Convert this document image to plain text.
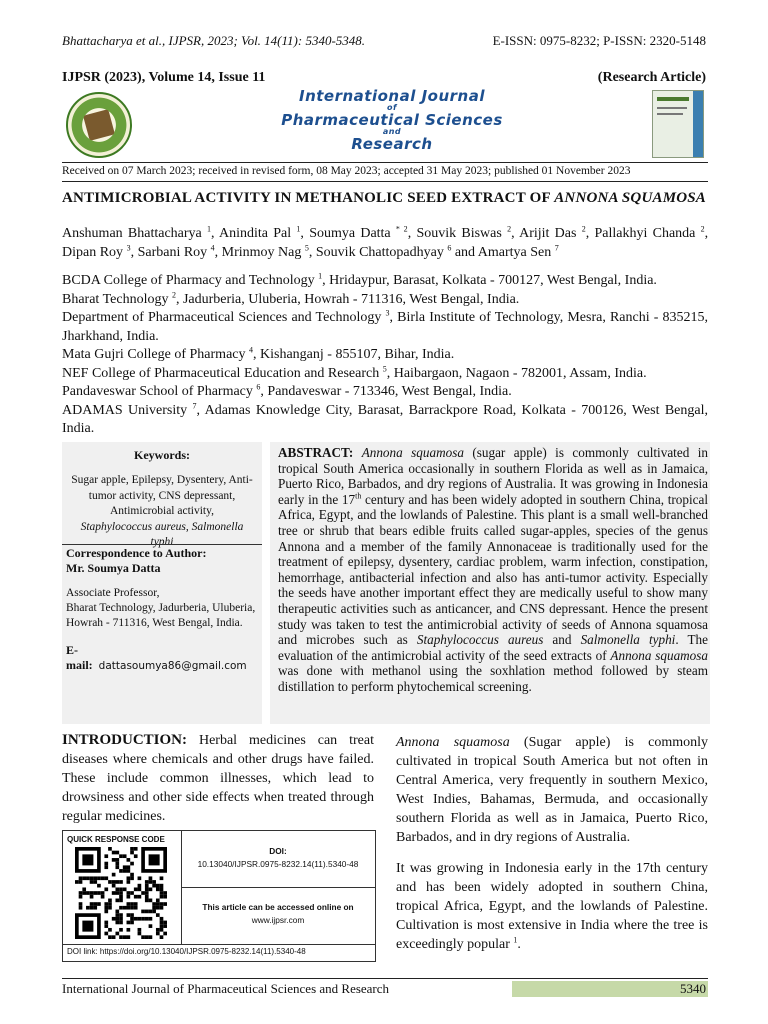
Bhattacharya et al., IJPSR, 2023; Vol. 14(11): 5340-5348.	E-ISSN: 0975-8232; P-ISSN: 2320-5148
IJPSR (2023), Volume 14, Issue 11	(Research Article)
International Journal
of
Pharmaceutical Sciences
and
Research
Received on 07 March 2023; received in revised form, 08 May 2023; accepted 31 May 2023; published 01 November 2023
ANTIMICROBIAL ACTIVITY IN METHANOLIC SEED EXTRACT OF ANNONA SQUAMOSA
Anshuman Bhattacharya $^1$, Anindita Pal $^1$, Soumya Datta $^{* 2}$, Souvik Biswas $^2$, Arijit Das $^2$, Pallakhyi Chanda $^2$, Dipan Roy $^3$, Sarbani Roy $^4$, Mrinmoy Nag $^5$, Souvik Chattopadhyay $^6$ and Amartya Sen $^7$
BCDA College of Pharmacy and Technology $^1$, Hridaypur, Barasat, Kolkata - 700127, West Bengal, India.
Bharat Technology $^2$, Jadurberia, Uluberia, Howrah - 711316, West Bengal, India.
Department of Pharmaceutical Sciences and Technology $^3$, Birla Institute of Technology, Mesra, Ranchi - 835215, Jharkhand, India.
Mata Gujri College of Pharmacy $^4$, Kishanganj - 855107, Bihar, India.
NEF College of Pharmaceutical Education and Research $^5$, Haibargaon, Nagaon - 782001, Assam, India.
Pandaveswar School of Pharmacy $^6$, Pandaveswar - 713346, West Bengal, India.
ADAMAS University $^7$, Adamas Knowledge City, Barasat, Barrackpore Road, Kolkata - 700126, West Bengal, India.
Keywords:
Sugar apple, Epilepsy, Dysentery, Anti-tumor activity, CNS depressant, Antimicrobial activity,
Staphylococcus aureus, Salmonella typhi
Correspondence to Author:
Mr. Soumya Datta
Associate Professor,
Bharat Technology, Jadurberia, Uluberia, Howrah - 711316, West Bengal, India.
E-mail: dattasoumya86@gmail.com
ABSTRACT: Annona squamosa (sugar apple) is commonly cultivated in tropical South America occasionally in southern Florida as well as in Jamaica, Puerto Rico, Barbados, and dry regions of Australia. It was growing in Indonesia early in the 17th century and has been widely adopted in southern China, tropical Africa, Egypt, and the lowlands of Palestine. This plant is a small well-branched tree or shrub that bears edible fruits called sugar-apples, species of the genus Annona and a member of the family Annonaceae is traditionally used for the treatment of epilepsy, dysentery, cardiac problem, warm infection, constipation, hemorrhage, antibacterial infection and also has anti-tumor activity. Especially the seeds have another important effect they are medically useful to show many therapeutic activities such as anticancer, and CNS depressant. Hence the present study was taken to test the antimicrobial activity of seeds of Annona squamosa and microbes such as Staphylococcus aureus and Salmonella typhi. The evaluation of the antimicrobial activity of the seed extracts of Annona squamosa was done with methanol using the soxhlation method followed by steam distillation to perform phytochemical screening.
INTRODUCTION: Herbal medicines can treat diseases where chemicals and other drugs have failed. These include common illnesses, which lead to drowsiness and other side effects when treated through regular medicines.
QUICK RESPONSE CODE
DOI:
10.13040/IJPSR.0975-8232.14(11).5340-48
This article can be accessed online on
www.ijpsr.com
DOI link: https://doi.org/10.13040/IJPSR.0975-8232.14(11).5340-48

Annona squamosa (Sugar apple) is commonly cultivated in tropical South America but not often in Central America, very frequently in southern Mexico, West Indies, Bahamas, Bermuda, and occasionally southern Florida as well as in Jamaica, Puerto Rico, Barbados, and in dry regions of Australia.

It was growing in Indonesia early in the 17th century and has been widely adopted in southern China, tropical Africa, Egypt, and the lowlands of Palestine. Cultivation is most extensive in India where the tree is exceedingly popular $^1$.

International Journal of Pharmaceutical Sciences and Research	5340
